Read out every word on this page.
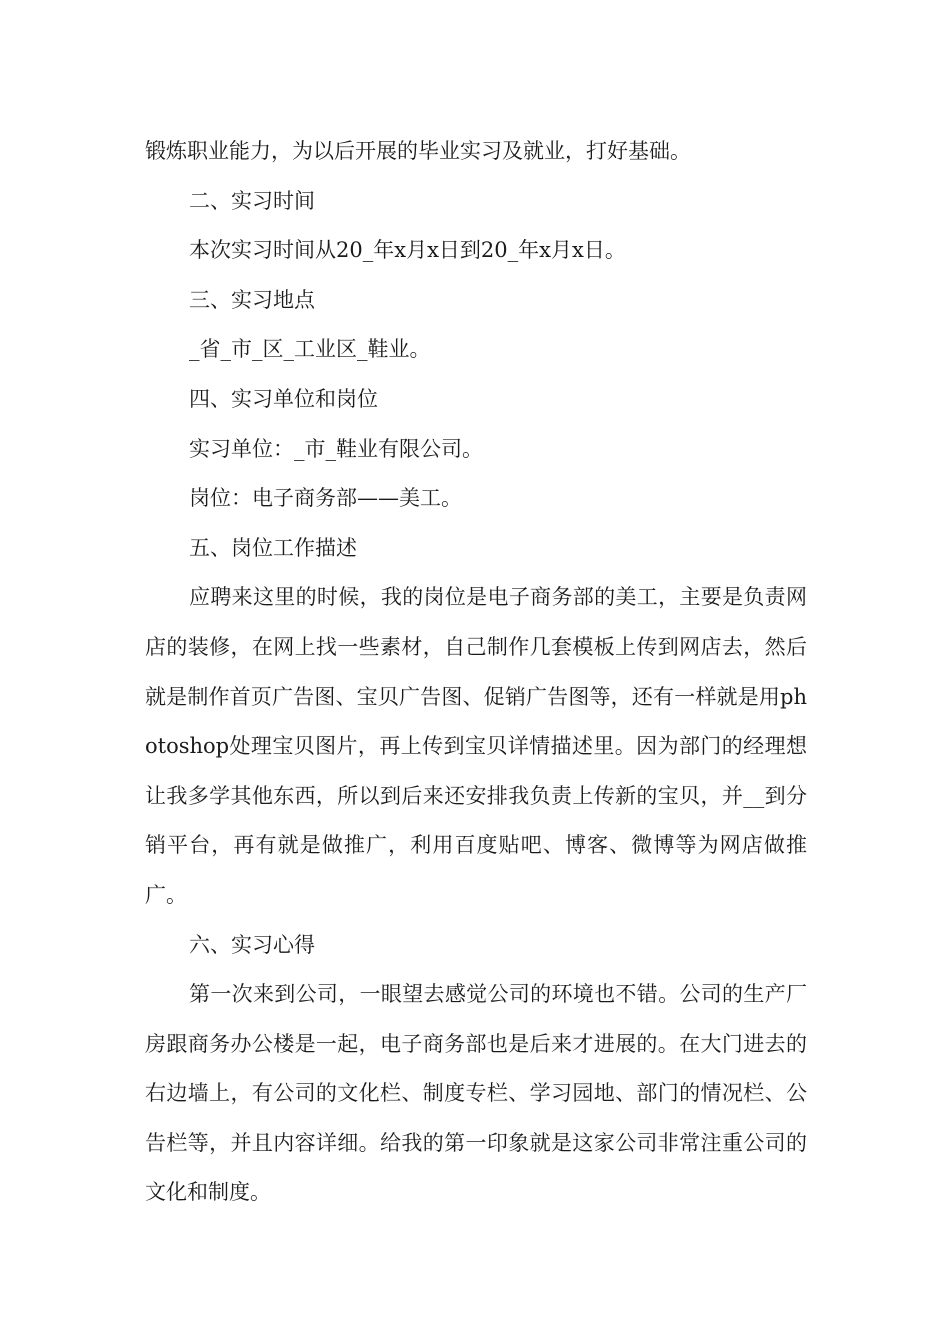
锻炼职业能力，为以后开展的毕业实习及就业，打好基础。

二、实习时间

本次实习时间从20_年x月x日到20_年x月x日。

三、实习地点

_省_市_区_工业区_鞋业。

四、实习单位和岗位

实习单位：_市_鞋业有限公司。

岗位：电子商务部——美工。

五、岗位工作描述

应聘来这里的时候，我的岗位是电子商务部的美工，主要是负责网店的装修，在网上找一些素材，自己制作几套模板上传到网店去，然后就是制作首页广告图、宝贝广告图、促销广告图等，还有一样就是用photoshop处理宝贝图片，再上传到宝贝详情描述里。因为部门的经理想让我多学其他东西，所以到后来还安排我负责上传新的宝贝，并__到分销平台，再有就是做推广，利用百度贴吧、博客、微博等为网店做推广。

六、实习心得

第一次来到公司，一眼望去感觉公司的环境也不错。公司的生产厂房跟商务办公楼是一起，电子商务部也是后来才进展的。在大门进去的右边墙上，有公司的文化栏、制度专栏、学习园地、部门的情况栏、公告栏等，并且内容详细。给我的第一印象就是这家公司非常注重公司的文化和制度。
